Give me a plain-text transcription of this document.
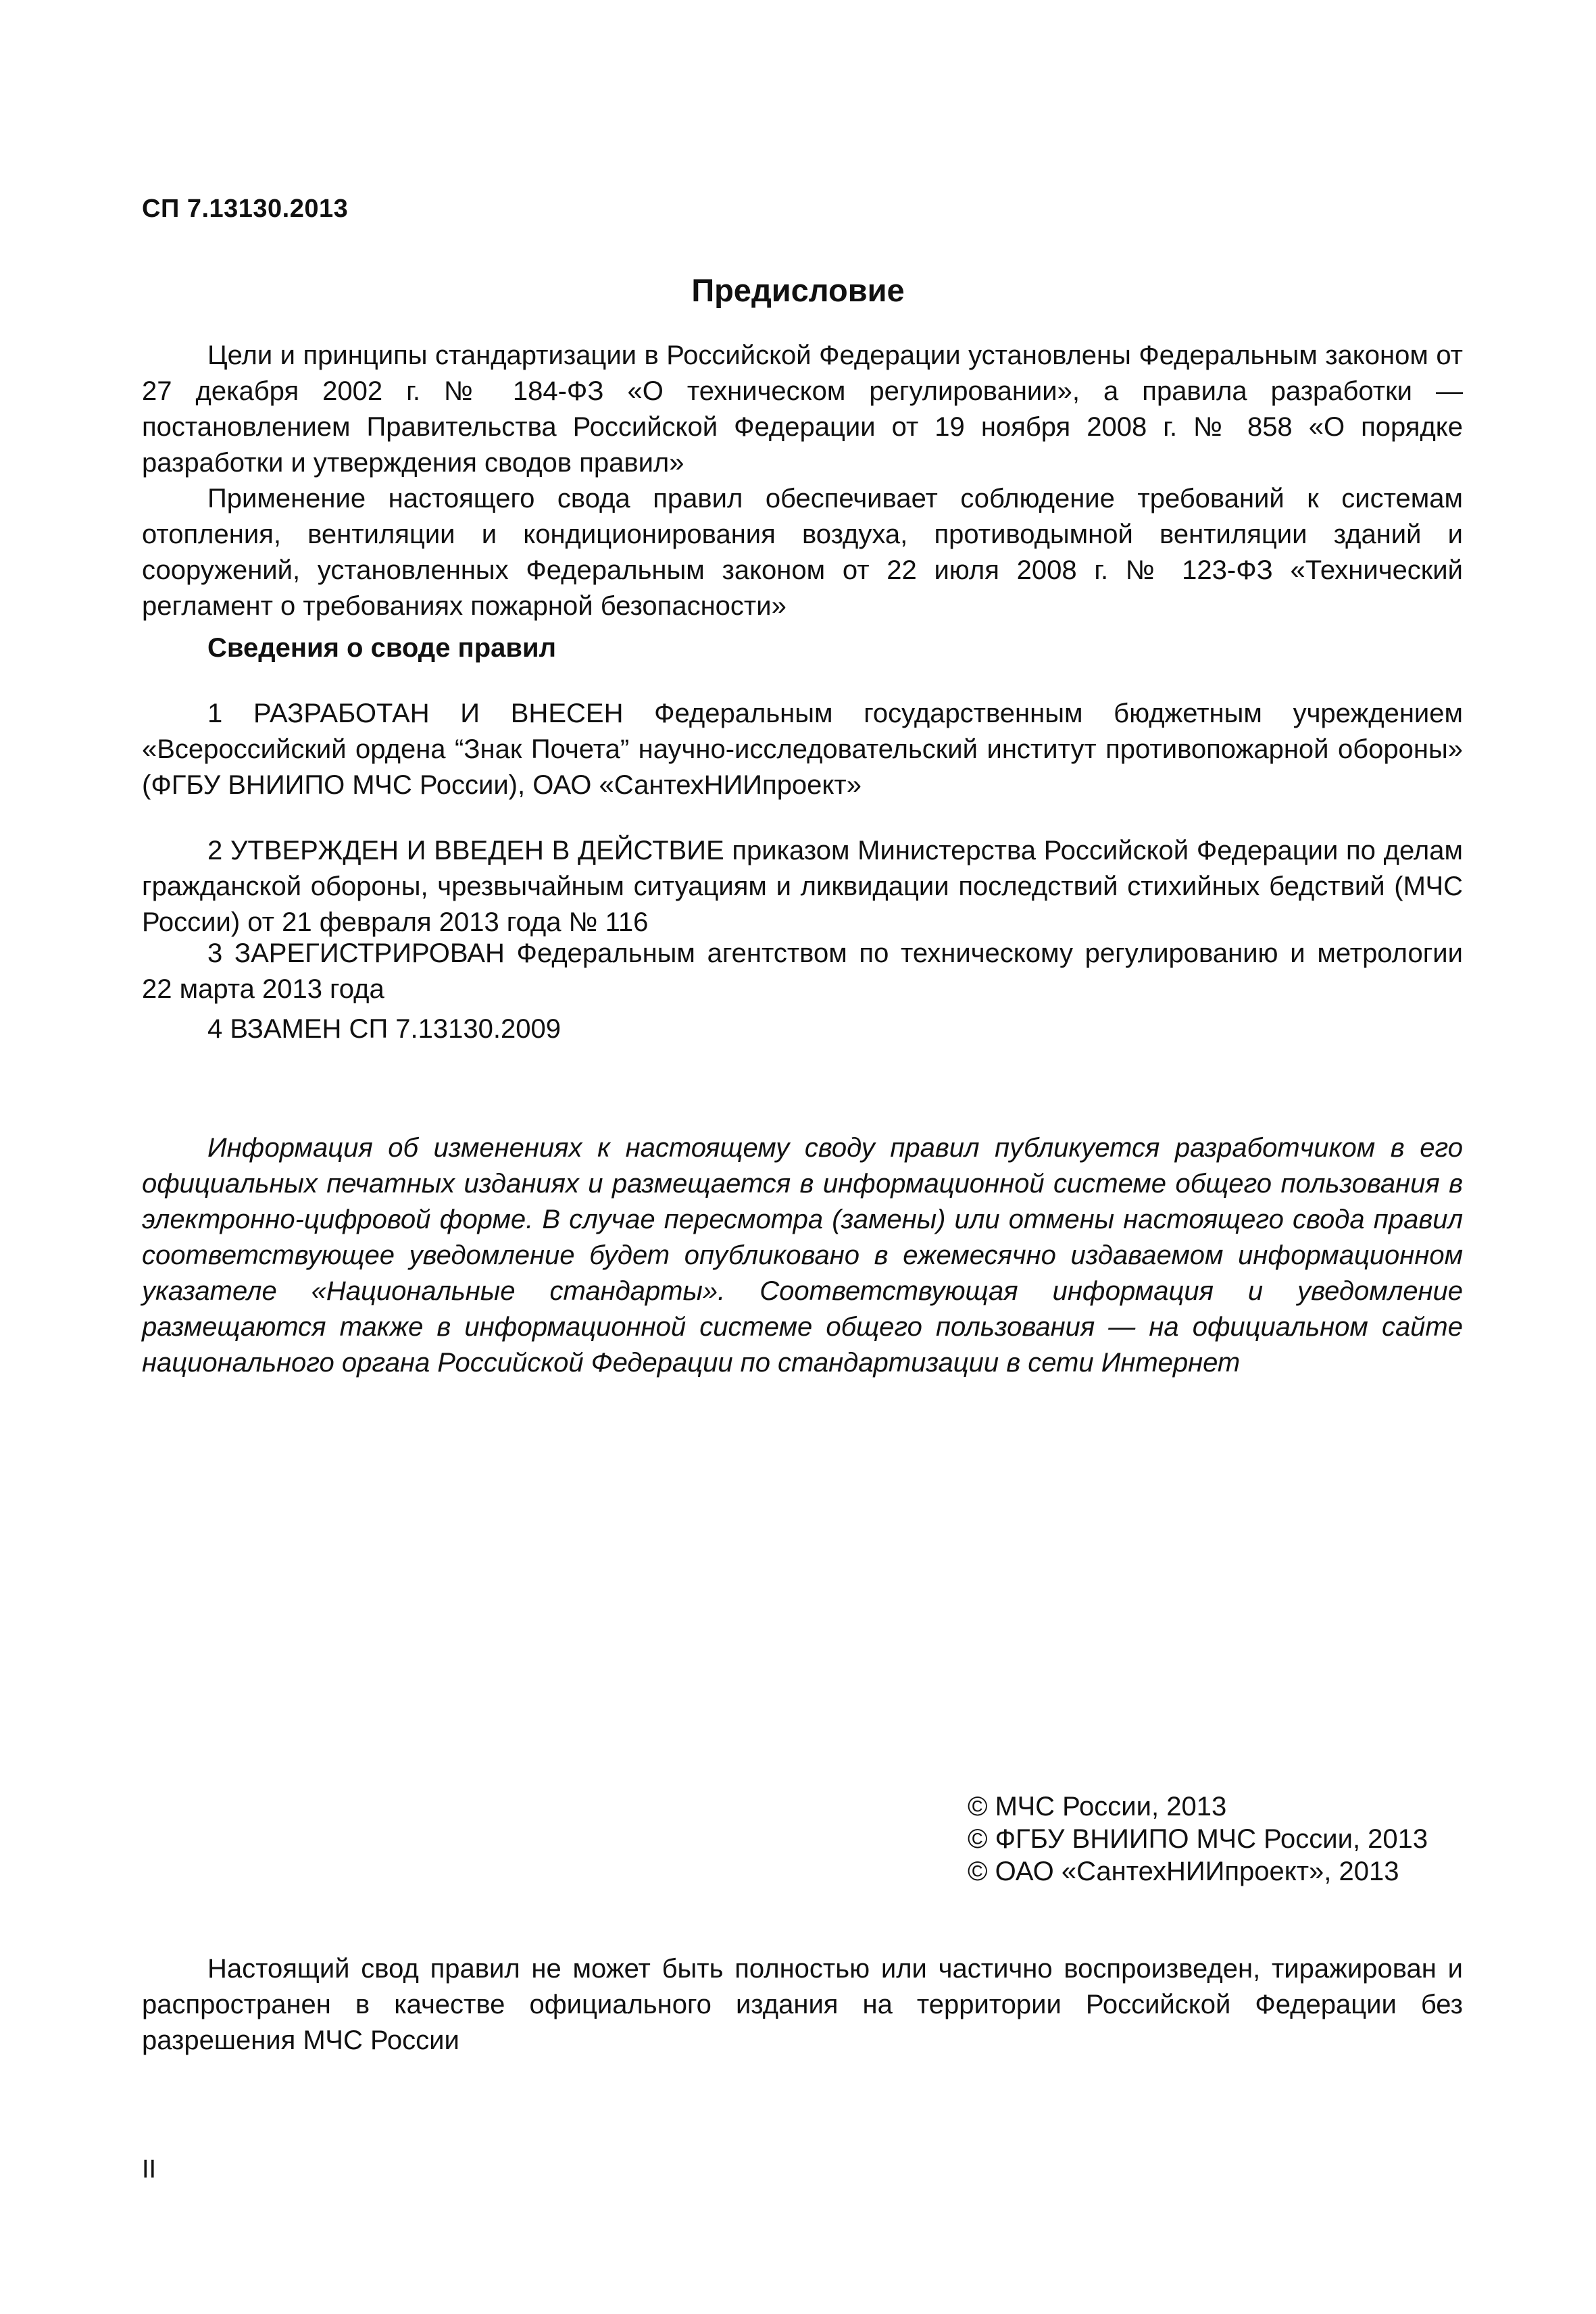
СП 7.13130.2013
Предисловие

Цели и принципы стандартизации в Российской Федерации установлены Федеральным законом от 27 декабря 2002 г. № 184-ФЗ «О техническом регулировании», а правила разработки — постановлением Правительства Российской Федерации от 19 ноября 2008 г. № 858 «О порядке разработки и утверждения сводов правил»

Применение настоящего свода правил обеспечивает соблюдение требований к системам отопления, вентиляции и кондиционирования воздуха, противодымной вентиляции зданий и сооружений, установленных Федеральным законом от 22 июля 2008 г. № 123-ФЗ «Технический регламент о требованиях пожарной безопасности»

Сведения о своде правил

1 РАЗРАБОТАН И ВНЕСЕН Федеральным государственным бюджетным учреждением «Всероссийский ордена “Знак Почета” научно-исследовательский институт противопожарной обороны» (ФГБУ ВНИИПО МЧС России), ОАО «СантехНИИпроект»

2 УТВЕРЖДЕН И ВВЕДЕН В ДЕЙСТВИЕ приказом Министерства Российской Федерации по делам гражданской обороны, чрезвычайным ситуациям и ликвидации последствий стихийных бедствий (МЧС России) от 21 февраля 2013 года № 116

3 ЗАРЕГИСТРИРОВАН Федеральным агентством по техническому регулированию и метрологии 22 марта 2013 года

4 ВЗАМЕН СП 7.13130.2009

Информация об изменениях к настоящему своду правил публикуется разработчиком в его официальных печатных изданиях и размещается в информационной системе общего пользования в электронно-цифровой форме. В случае пересмотра (замены) или отмены настоящего свода правил соответствующее уведомление будет опубликовано в ежемесячно издаваемом информационном указателе «Национальные стандарты». Соответствующая информация и уведомление размещаются также в информационной системе общего пользования — на официальном сайте национального органа Российской Федерации по стандартизации в сети Интернет

© МЧС России, 2013
© ФГБУ ВНИИПО МЧС России, 2013
© ОАО «СантехНИИпроект», 2013

Настоящий свод правил не может быть полностью или частично воспроизведен, тиражирован и распространен в качестве официального издания на территории Российской Федерации без разрешения МЧС России

II
